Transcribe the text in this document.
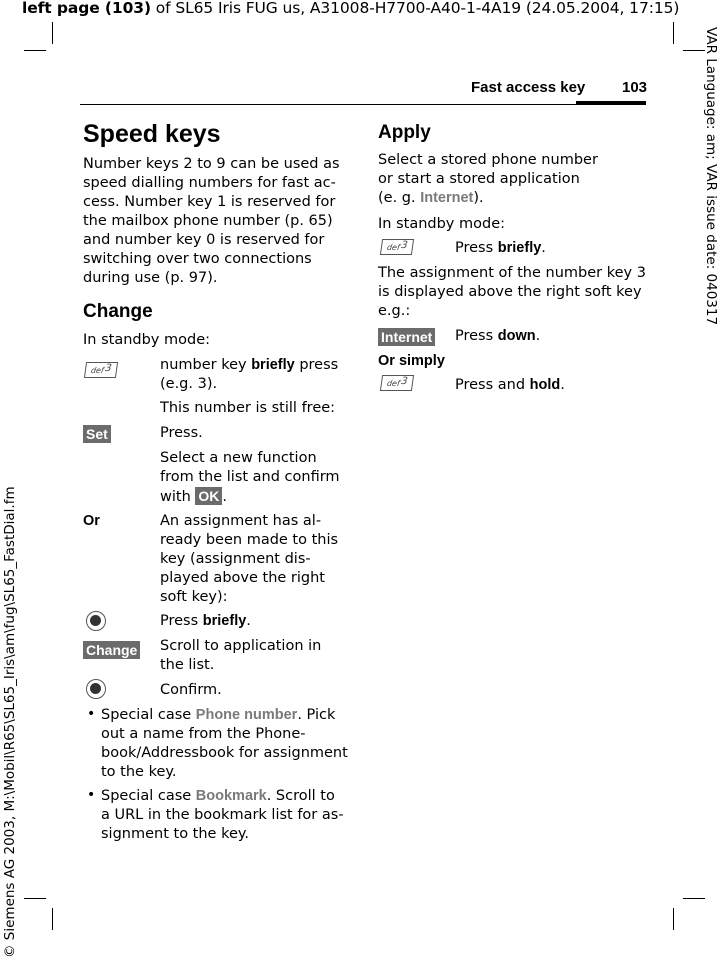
left page (103) of SL65 Iris FUG us, A31008-H7700-A40-1-4A19 (24.05.2004, 17:15)
VAR Language: am; VAR issue date: 040317
© Siemens AG 2003, M:\Mobil\R65\SL65_Iris\am\fug\SL65_FastDial.fm
Fast access key 103
Speed keys
Number keys 2 to 9 can be used as speed dialling numbers for fast ac-cess. Number key 1 is reserved for the mailbox phone number (p. 65) and number key 0 is reserved for switching over two connections during use (p. 97).
Change
In standby mode:
def 3	number key briefly press (e.g. 3).
This number is still free:
Set	Press.
Select a new function from the list and confirm with OK .
Or	An assignment has al-ready been made to this key (assignment dis-played above the right soft key):
Press briefly.
Change Scroll to application in the list.
Confirm.
• Special case Phone number. Pick out a name from the Phone-book/Addressbook for assignment to the key.
• Special case Bookmark. Scroll to a URL in the bookmark list for as-signment to the key.
Apply
Select a stored phone number
or start a stored application
(e. g. Internet).
In standby mode:
def 3	Press briefly.
The assignment of the number key 3 is displayed above the right soft key e.g.:
Internet Press down.
Or simply
def 3	Press and hold.
